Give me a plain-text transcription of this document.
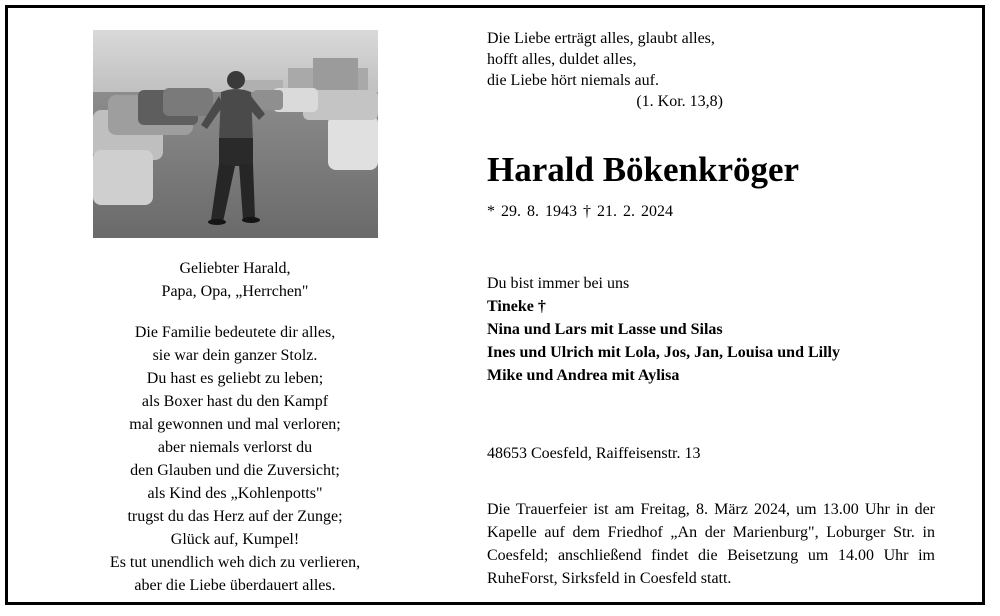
Geliebter Harald,
Papa, Opa, „Herrchen"
Die Familie bedeutete dir alles,
sie war dein ganzer Stolz.
Du hast es geliebt zu leben;
als Boxer hast du den Kampf
mal gewonnen und mal verloren;
aber niemals verlorst du
den Glauben und die Zuversicht;
als Kind des „Kohlenpotts"
trugst du das Herz auf der Zunge;
Glück auf, Kumpel!
Es tut unendlich weh dich zu verlieren,
aber die Liebe überdauert alles.
Die Liebe erträgt alles, glaubt alles,
hofft alles, duldet alles,
die Liebe hört niemals auf.
(1. Kor. 13,8)
Harald Bökenkröger
* 29. 8. 1943 † 21. 2. 2024
Du bist immer bei uns
Tineke †
Nina und Lars mit Lasse und Silas
Ines und Ulrich mit Lola, Jos, Jan, Louisa und Lilly
Mike und Andrea mit Aylisa
48653 Coesfeld, Raiffeisenstr. 13
Die Trauerfeier ist am Freitag, 8. März 2024, um 13.00 Uhr in der Kapelle auf dem Friedhof „An der Marienburg", Loburger Str. in Coesfeld; anschließend findet die Beisetzung um 14.00 Uhr im RuheForst, Sirksfeld in Coesfeld statt.
